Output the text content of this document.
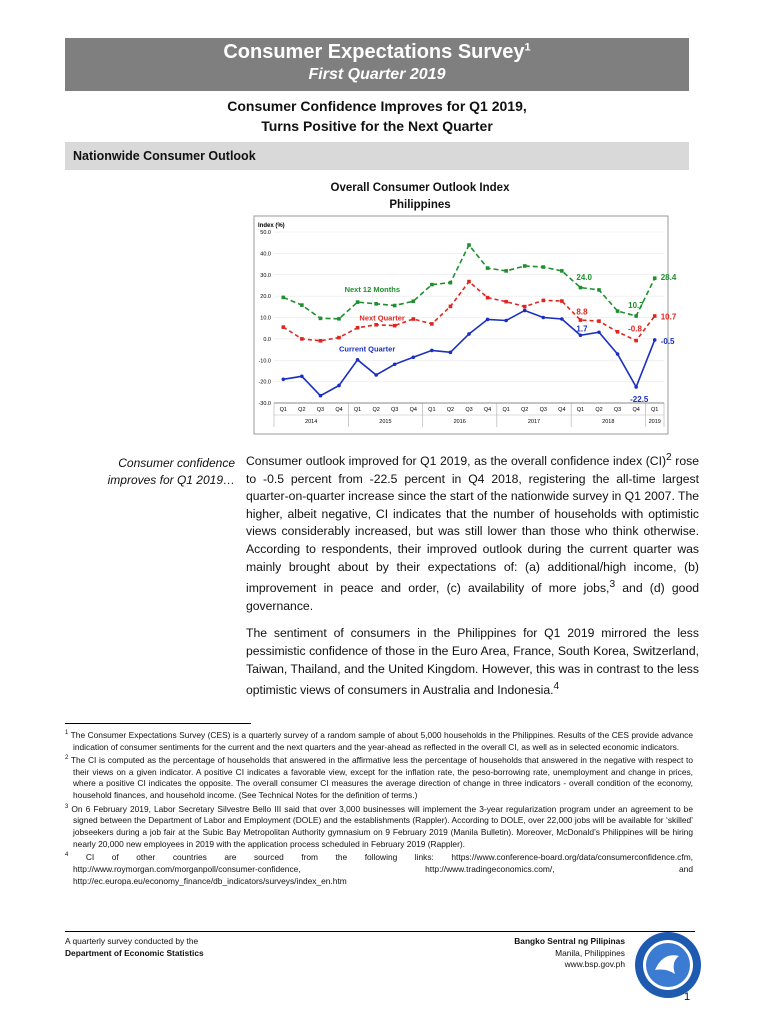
Consumer Expectations Survey$^1$
First Quarter 2019
Consumer Confidence Improves for Q1 2019,
Turns Positive for the Next Quarter
Nationwide Consumer Outlook
Overall Consumer Outlook Index
Philippines
Index (%)
50.0
40.0
30.0
20.0
10.0
0.0
-10.0
-20.0
-30.0
Q1 Q2 Q3 Q4 Q1 Q2 Q3 Q4 Q1 Q2 Q3 Q4 Q1 Q2 Q3 Q4 Q1 Q2 Q3 Q4 Q1
2014	2015	2016	2017	2018	2019
Next 12 Months
Next Quarter
Current Quarter
24.0
10.7
28.4
8.8
-0.8
10.7
1.7
-22.5
-0.5
Consumer confidence improves for Q1 2019…

Consumer outlook improved for Q1 2019, as the overall confidence index (CI)$^2$ rose to -0.5 percent from -22.5 percent in Q4 2018, registering the all-time largest quarter-on-quarter increase since the start of the nationwide survey in Q1 2007. The higher, albeit negative, CI indicates that the number of households with optimistic views considerably increased, but was still lower than those who think otherwise. According to respondents, their improved outlook during the current quarter was mainly brought about by their expectations of: (a) additional/high income, (b) improvement in peace and order, (c) availability of more jobs,$^3$ and (d) good governance.

The sentiment of consumers in the Philippines for Q1 2019 mirrored the less pessimistic confidence of those in the Euro Area, France, South Korea, Switzerland, Taiwan, Thailand, and the United Kingdom. However, this was in contrast to the less optimistic views of consumers in Australia and Indonesia.$^4$

$^1$ The Consumer Expectations Survey (CES) is a quarterly survey of a random sample of about 5,000 households in the Philippines. Results of the CES provide advance indication of consumer sentiments for the current and the next quarters and the year-ahead as reflected in the overall CI, as well as in selected economic indicators.

$^2$ The CI is computed as the percentage of households that answered in the affirmative less the percentage of households that answered in the negative with respect to their views on a given indicator. A positive CI indicates a favorable view, except for the inflation rate, the peso-borrowing rate, unemployment and change in prices, where a positive CI indicates the opposite. The overall consumer CI measures the average direction of change in three indicators - overall condition of the economy, household finances, and household income. (See Technical Notes for the definition of terms.)

$^3$ On 6 February 2019, Labor Secretary Silvestre Bello III said that over 3,000 businesses will implement the 3-year regularization program under an agreement to be signed between the Department of Labor and Employment (DOLE) and the establishments (Rappler). According to DOLE, over 22,000 jobs will be available for ‘skilled’ jobseekers during a job fair at the Subic Bay Metropolitan Authority gymnasium on 9 February 2019 (Manila Bulletin). Moreover, McDonald’s Philippines will be hiring nearly 20,000 new employees in 2019 with the application process scheduled in February 2019 (Rappler).

$^4$ CI of other countries are sourced from the following links: https://www.conference-board.org/data/consumerconfidence.cfm, http://www.roymorgan.com/morganpoll/consumer-confidence, http://www.tradingeconomics.com/, and http://ec.europa.eu/economy_finance/db_indicators/surveys/index_en.htm

A quarterly survey conducted by the
Department of Economic Statistics
Bangko Sentral ng Pilipinas
Manila, Philippines
www.bsp.gov.ph
1
